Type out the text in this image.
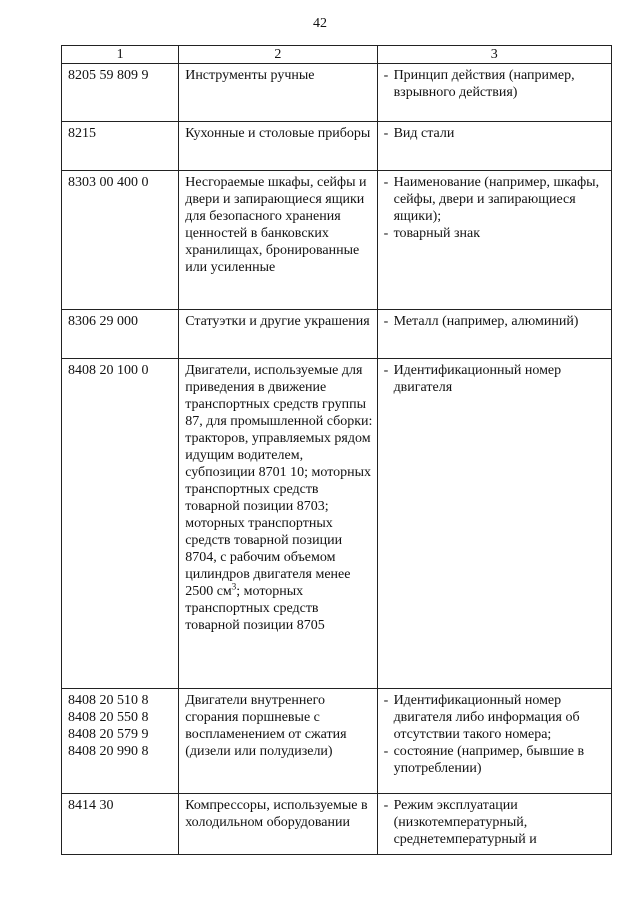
42
1	2	3

8205 59 809 9	Инструменты ручные	- Принцип действия (например, взрывного действия)

8215	Кухонные и столовые приборы	- Вид стали

8303 00 400 0	Несгораемые шкафы, сейфы и двери и запирающиеся ящики для безопасного хранения ценностей в банковских хранилищах, бронированные или усиленные	- Наименование (например, шкафы, сейфы, двери и запирающиеся ящики);
- товарный знак

8306 29 000	Статуэтки и другие украшения	- Металл (например, алюминий)

8408 20 100 0	Двигатели, используемые для приведения в движение транспортных средств группы 87, для промышленной сборки: тракторов, управляемых рядом идущим водителем, субпозиции 8701 10; моторных транспортных средств товарной позиции 8703; моторных транспортных средств товарной позиции 8704, с рабочим объемом цилиндров двигателя менее 2500 $см^3$; моторных транспортных средств товарной позиции 8705	- Идентификационный номер двигателя

8408 20 510 8
8408 20 550 8
8408 20 579 9
8408 20 990 8	Двигатели внутреннего сгорания поршневые с воспламенением от сжатия (дизели или полудизели)	- Идентификационный номер двигателя либо информация об отсутствии такого номера;
- состояние (например, бывшие в употреблении)

8414 30	Компрессоры, используемые в холодильном оборудовании	- Режим эксплуатации (низкотемпературный, среднетемпературный и
